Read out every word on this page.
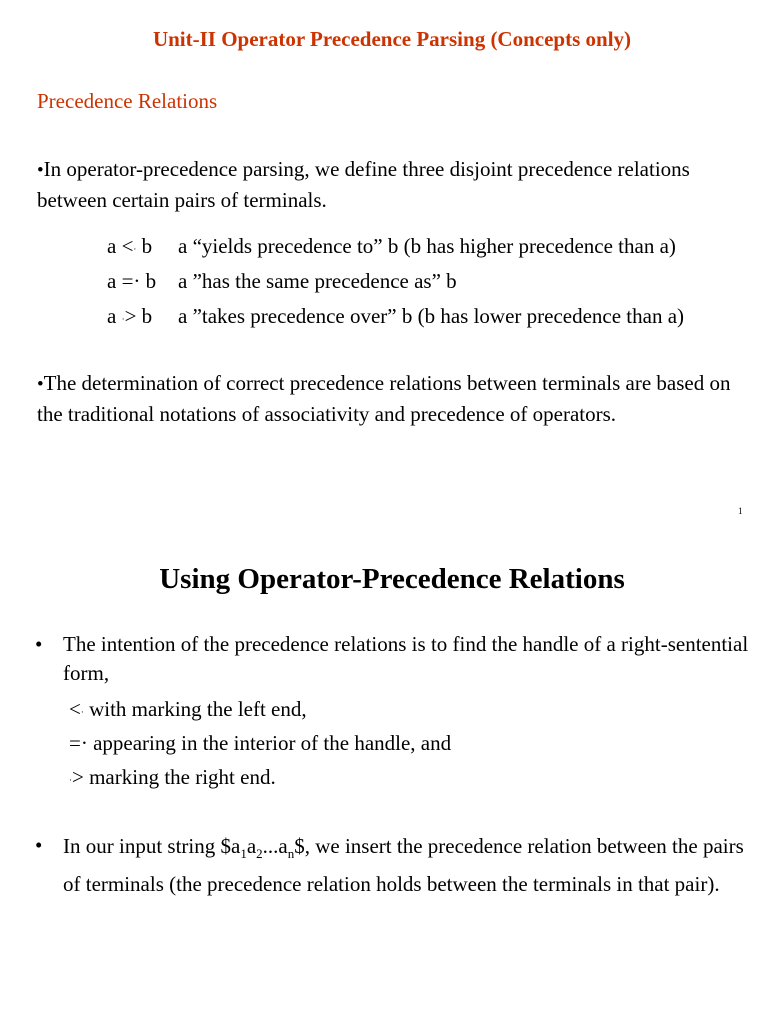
Unit-II Operator Precedence Parsing (Concepts only)
Precedence Relations
•In operator-precedence parsing, we define three disjoint precedence relations between certain pairs of terminals.
a <· b a “yields precedence to” b (b has higher precedence than a)
a =· b a ”has the same precedence as” b
a ·> b a ”takes precedence over” b (b has lower precedence than a)
•The determination of correct precedence relations between terminals are based on the traditional notations of associativity and precedence of operators.
1
Using Operator-Precedence Relations
• The intention of the precedence relations is to find the handle of a right-sentential form,
<· with marking the left end,
=· appearing in the interior of the handle, and
·> marking the right end.
• In our input string $\$a_1a_2...a_n\$$, we insert the precedence relation between the pairs of terminals (the precedence relation holds between the terminals in that pair).
